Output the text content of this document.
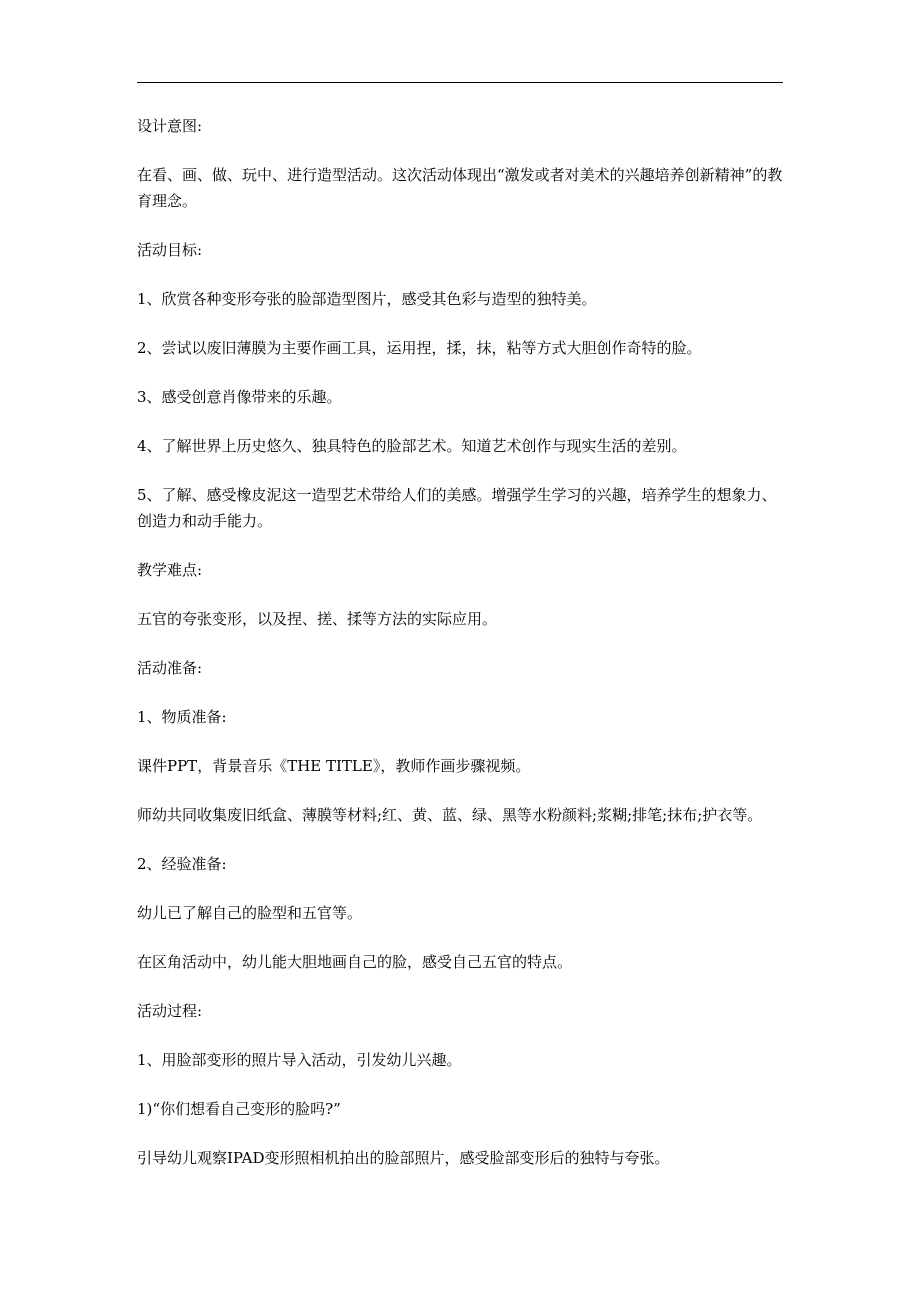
设计意图:

在看、画、做、玩中、进行造型活动。这次活动体现出“激发或者对美术的兴趣培养创新精神”的教育理念。

活动目标:

1、欣赏各种变形夸张的脸部造型图片，感受其色彩与造型的独特美。

2、尝试以废旧薄膜为主要作画工具，运用捏，揉，抹，粘等方式大胆创作奇特的脸。

3、感受创意肖像带来的乐趣。

4、了解世界上历史悠久、独具特色的脸部艺术。知道艺术创作与现实生活的差别。

5、了解、感受橡皮泥这一造型艺术带给人们的美感。增强学生学习的兴趣，培养学生的想象力、创造力和动手能力。

教学难点:

五官的夸张变形，以及捏、搓、揉等方法的实际应用。

活动准备:

1、物质准备:

课件PPT，背景音乐《THE TITLE》，教师作画步骤视频。

师幼共同收集废旧纸盒、薄膜等材料;红、黄、蓝、绿、黑等水粉颜料;浆糊;排笔;抹布;护衣等。

2、经验准备:

幼儿已了解自己的脸型和五官等。

在区角活动中，幼儿能大胆地画自己的脸，感受自己五官的特点。

活动过程:

1、用脸部变形的照片导入活动，引发幼儿兴趣。

1)“你们想看自己变形的脸吗?”

引导幼儿观察IPAD变形照相机拍出的脸部照片，感受脸部变形后的独特与夸张。
